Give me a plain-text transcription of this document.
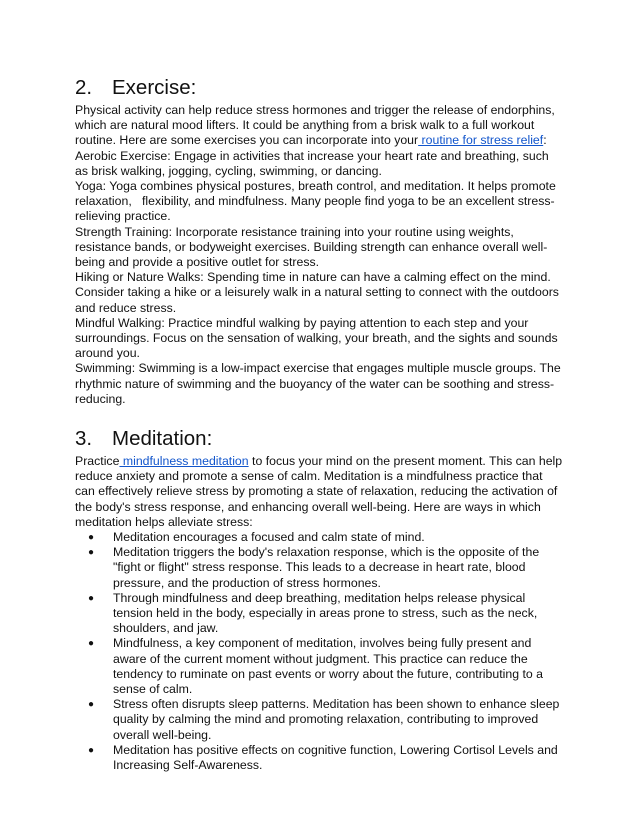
2. Exercise:

Physical activity can help reduce stress hormones and trigger the release of endorphins, which are natural mood lifters. It could be anything from a brisk walk to a full workout routine. Here are some exercises you can incorporate into your routine for stress relief:

Aerobic Exercise: Engage in activities that increase your heart rate and breathing, such as brisk walking, jogging, cycling, swimming, or dancing.

Yoga: Yoga combines physical postures, breath control, and meditation. It helps promote relaxation,   flexibility, and mindfulness. Many people find yoga to be an excellent stress-relieving practice.

Strength Training: Incorporate resistance training into your routine using weights, resistance bands, or bodyweight exercises. Building strength can enhance overall well-being and provide a positive outlet for stress.

Hiking or Nature Walks: Spending time in nature can have a calming effect on the mind. Consider taking a hike or a leisurely walk in a natural setting to connect with the outdoors and reduce stress.

Mindful Walking: Practice mindful walking by paying attention to each step and your surroundings. Focus on the sensation of walking, your breath, and the sights and sounds around you.

Swimming: Swimming is a low-impact exercise that engages multiple muscle groups. The rhythmic nature of swimming and the buoyancy of the water can be soothing and stress-reducing.

3. Meditation:

Practice mindfulness meditation to focus your mind on the present moment. This can help reduce anxiety and promote a sense of calm. Meditation is a mindfulness practice that can effectively relieve stress by promoting a state of relaxation, reducing the activation of the body's stress response, and enhancing overall well-being. Here are ways in which meditation helps alleviate stress:

● Meditation encourages a focused and calm state of mind.
● Meditation triggers the body's relaxation response, which is the opposite of the "fight or flight" stress response. This leads to a decrease in heart rate, blood pressure, and the production of stress hormones.
● Through mindfulness and deep breathing, meditation helps release physical tension held in the body, especially in areas prone to stress, such as the neck, shoulders, and jaw.
● Mindfulness, a key component of meditation, involves being fully present and aware of the current moment without judgment. This practice can reduce the tendency to ruminate on past events or worry about the future, contributing to a sense of calm.
● Stress often disrupts sleep patterns. Meditation has been shown to enhance sleep quality by calming the mind and promoting relaxation, contributing to improved overall well-being.
● Meditation has positive effects on cognitive function, Lowering Cortisol Levels and Increasing Self-Awareness.
